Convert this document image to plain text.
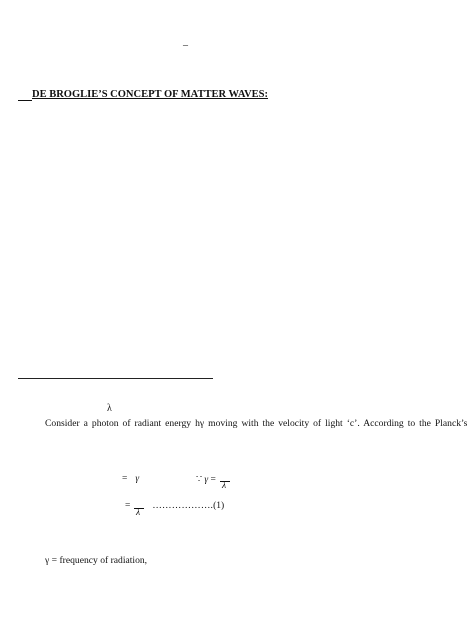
–
DE BROGLIE’S CONCEPT OF MATTER WAVES:
λ
Consider a photon of radiant energy hγ moving with the velocity of light ‘c’. According to the Planck’s
= γ	∵ γ =
λ
= ……………….(1)
λ
γ = frequency of radiation,
